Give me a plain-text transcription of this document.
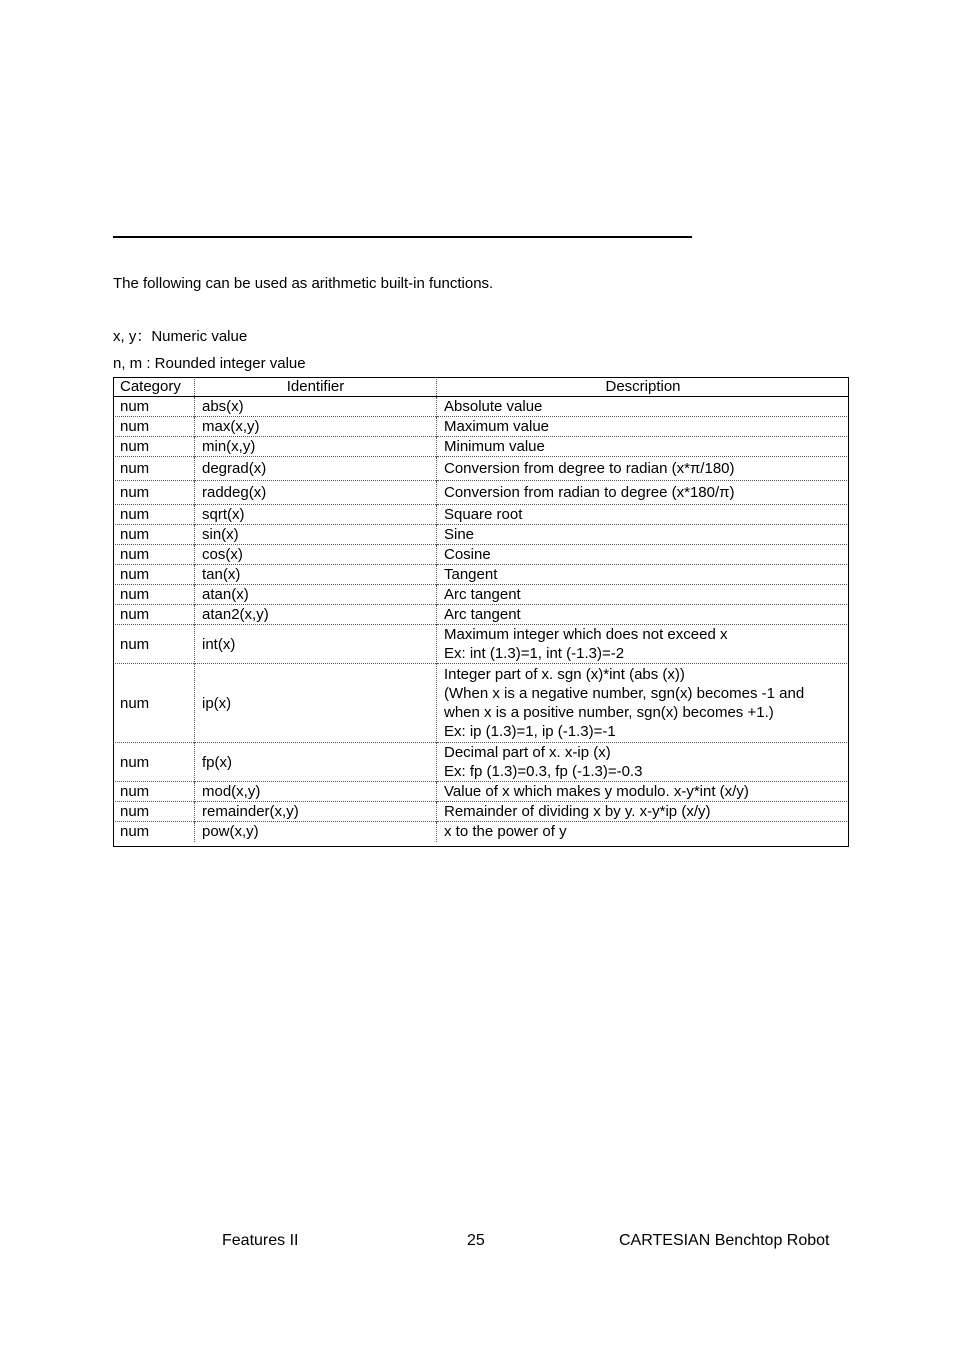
The following can be used as arithmetic built-in functions.
x, y：Numeric value
n, m : Rounded integer value
Category	Identifier	Description
num	abs(x)	Absolute value

num	max(x,y)	Maximum value

num	min(x,y)	Minimum value

num	degrad(x)	Conversion from degree to radian (x*π/180)

num	raddeg(x)	Conversion from radian to degree (x*180/π)

num	sqrt(x)	Square root

num	sin(x)	Sine

num	cos(x)	Cosine

num	tan(x)	Tangent

num	atan(x)	Arc tangent

num	atan2(x,y)	Arc tangent

num	int(x)	Maximum integer which does not exceed x
Ex: int (1.3)=1, int (-1.3)=-2

num	ip(x)	Integer part of x. sgn (x)*int (abs (x))
(When x is a negative number, sgn(x) becomes -1 and
when x is a positive number, sgn(x) becomes +1.)
Ex: ip (1.3)=1, ip (-1.3)=-1

num	fp(x)	Decimal part of x. x-ip (x)
Ex: fp (1.3)=0.3, fp (-1.3)=-0.3

num	mod(x,y)	Value of x which makes y modulo. x-y*int (x/y)

num	remainder(x,y)	Remainder of dividing x by y. x-y*ip (x/y)

num	pow(x,y)	x to the power of y
Features II	25	CARTESIAN Benchtop Robot
